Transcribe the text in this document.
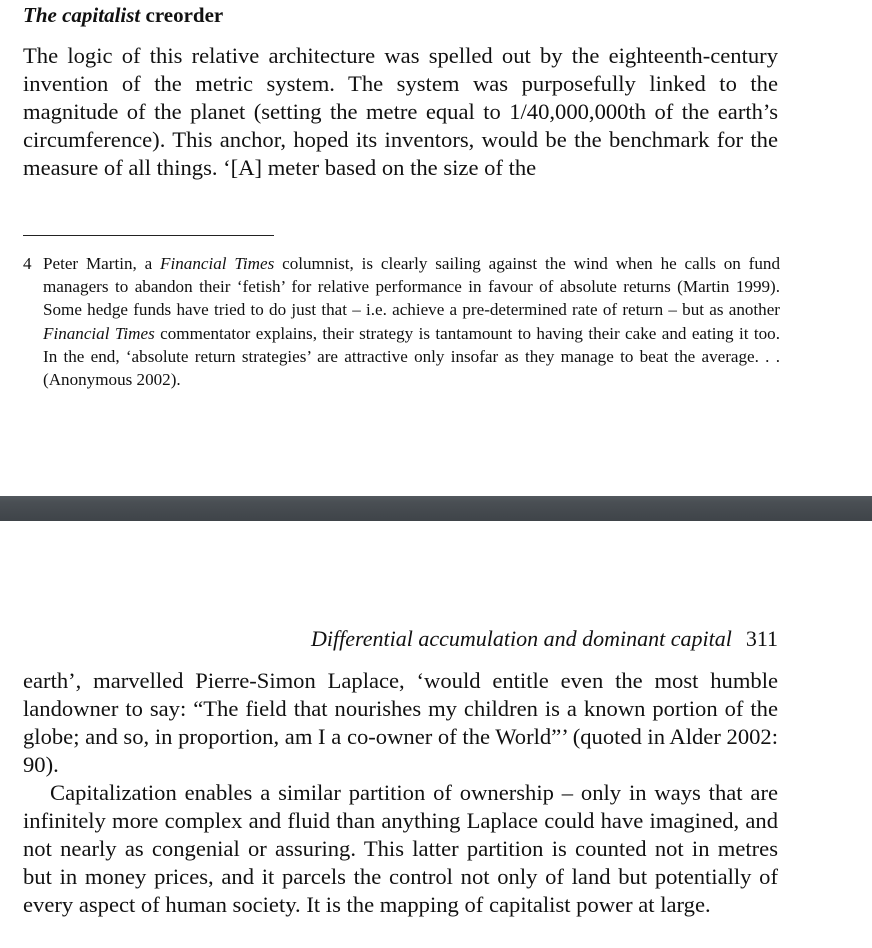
The capitalist creorder

The logic of this relative architecture was spelled out by the eighteenth-century invention of the metric system. The system was purposefully linked to the magnitude of the planet (setting the metre equal to 1/40,000,000th of the earth’s circumference). This anchor, hoped its inventors, would be the benchmark for the measure of all things. ‘[A] meter based on the size of the

4 Peter Martin, a Financial Times columnist, is clearly sailing against the wind when he calls on fund managers to abandon their ‘fetish’ for relative performance in favour of absolute returns (Martin 1999). Some hedge funds have tried to do just that – i.e. achieve a pre-determined rate of return – but as another Financial Times commentator explains, their strategy is tantamount to having their cake and eating it too. In the end, ‘absolute return strategies’ are attractive only insofar as they manage to beat the average. . . (Anonymous 2002).
Differential accumulation and dominant capital 311

earth’, marvelled Pierre-Simon Laplace, ‘would entitle even the most humble landowner to say: “The field that nourishes my children is a known portion of the globe; and so, in proportion, am I a co-owner of the World”’ (quoted in Alder 2002: 90).

Capitalization enables a similar partition of ownership – only in ways that are infinitely more complex and fluid than anything Laplace could have imagined, and not nearly as congenial or assuring. This latter partition is counted not in metres but in money prices, and it parcels the control not only of land but potentially of every aspect of human society. It is the mapping of capitalist power at large.
